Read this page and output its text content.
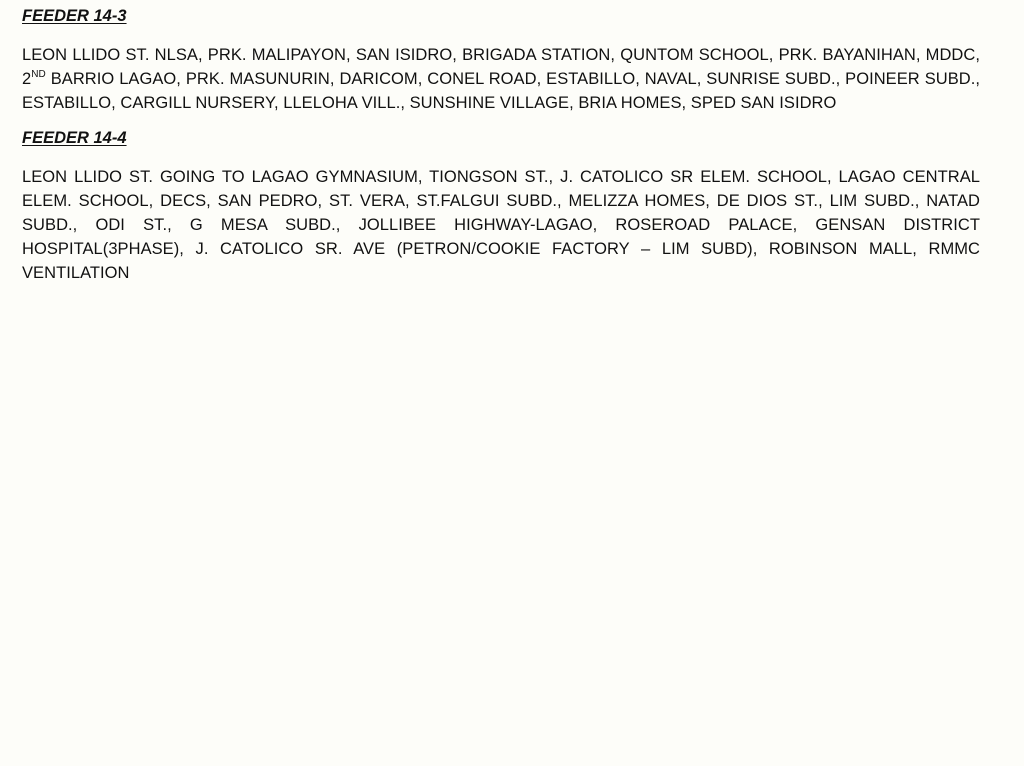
FEEDER 14-3

LEON LLIDO ST. NLSA, PRK. MALIPAYON, SAN ISIDRO, BRIGADA STATION, QUNTOM SCHOOL, PRK. BAYANIHAN, MDDC, 2ND BARRIO LAGAO, PRK. MASUNURIN, DARICOM, CONEL ROAD, ESTABILLO, NAVAL, SUNRISE SUBD., POINEER SUBD., ESTABILLO, CARGILL NURSERY, LLELOHA VILL., SUNSHINE VILLAGE, BRIA HOMES, SPED SAN ISIDRO

FEEDER 14-4

LEON LLIDO ST. GOING TO LAGAO GYMNASIUM, TIONGSON ST., J. CATOLICO SR ELEM. SCHOOL, LAGAO CENTRAL ELEM. SCHOOL, DECS, SAN PEDRO, ST. VERA, ST.FALGUI SUBD., MELIZZA HOMES, DE DIOS ST., LIM SUBD., NATAD SUBD., ODI ST., G MESA SUBD., JOLLIBEE HIGHWAY-LAGAO, ROSEROAD PALACE, GENSAN DISTRICT HOSPITAL(3PHASE), J. CATOLICO SR. AVE (PETRON/COOKIE FACTORY – LIM SUBD), ROBINSON MALL, RMMC VENTILATION
